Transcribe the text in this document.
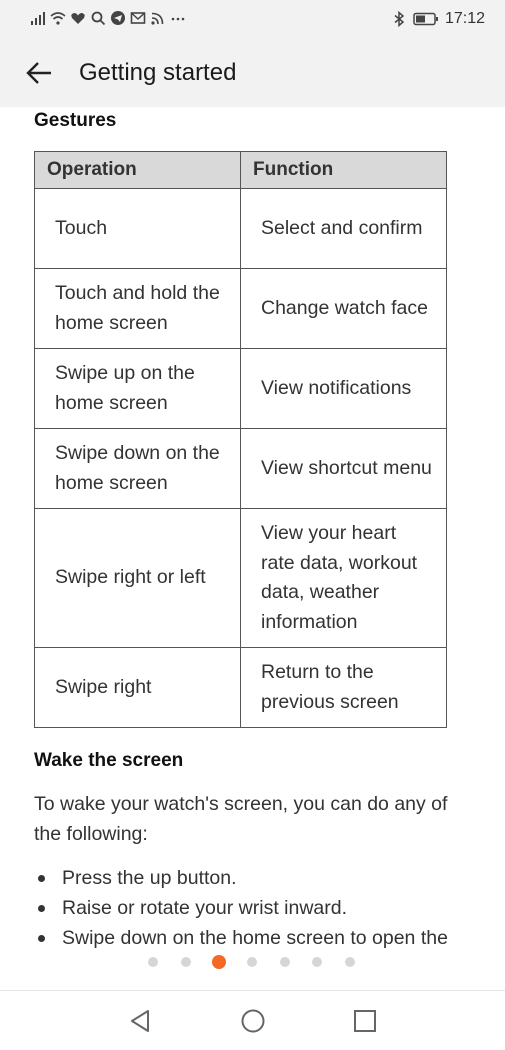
17:12
Getting started
Gestures
Operation	Function
Touch	Select and confirm
Touch and hold the home screen	Change watch face
Swipe up on the home screen	View notifications
Swipe down on the home screen	View shortcut menu
Swipe right or left	View your heart rate data, workout data, weather information
Swipe right	Return to the previous screen
Wake the screen

To wake your watch's screen, you can do any of the following:

Press the up button.
Raise or rotate your wrist inward.
Swipe down on the home screen to open the
